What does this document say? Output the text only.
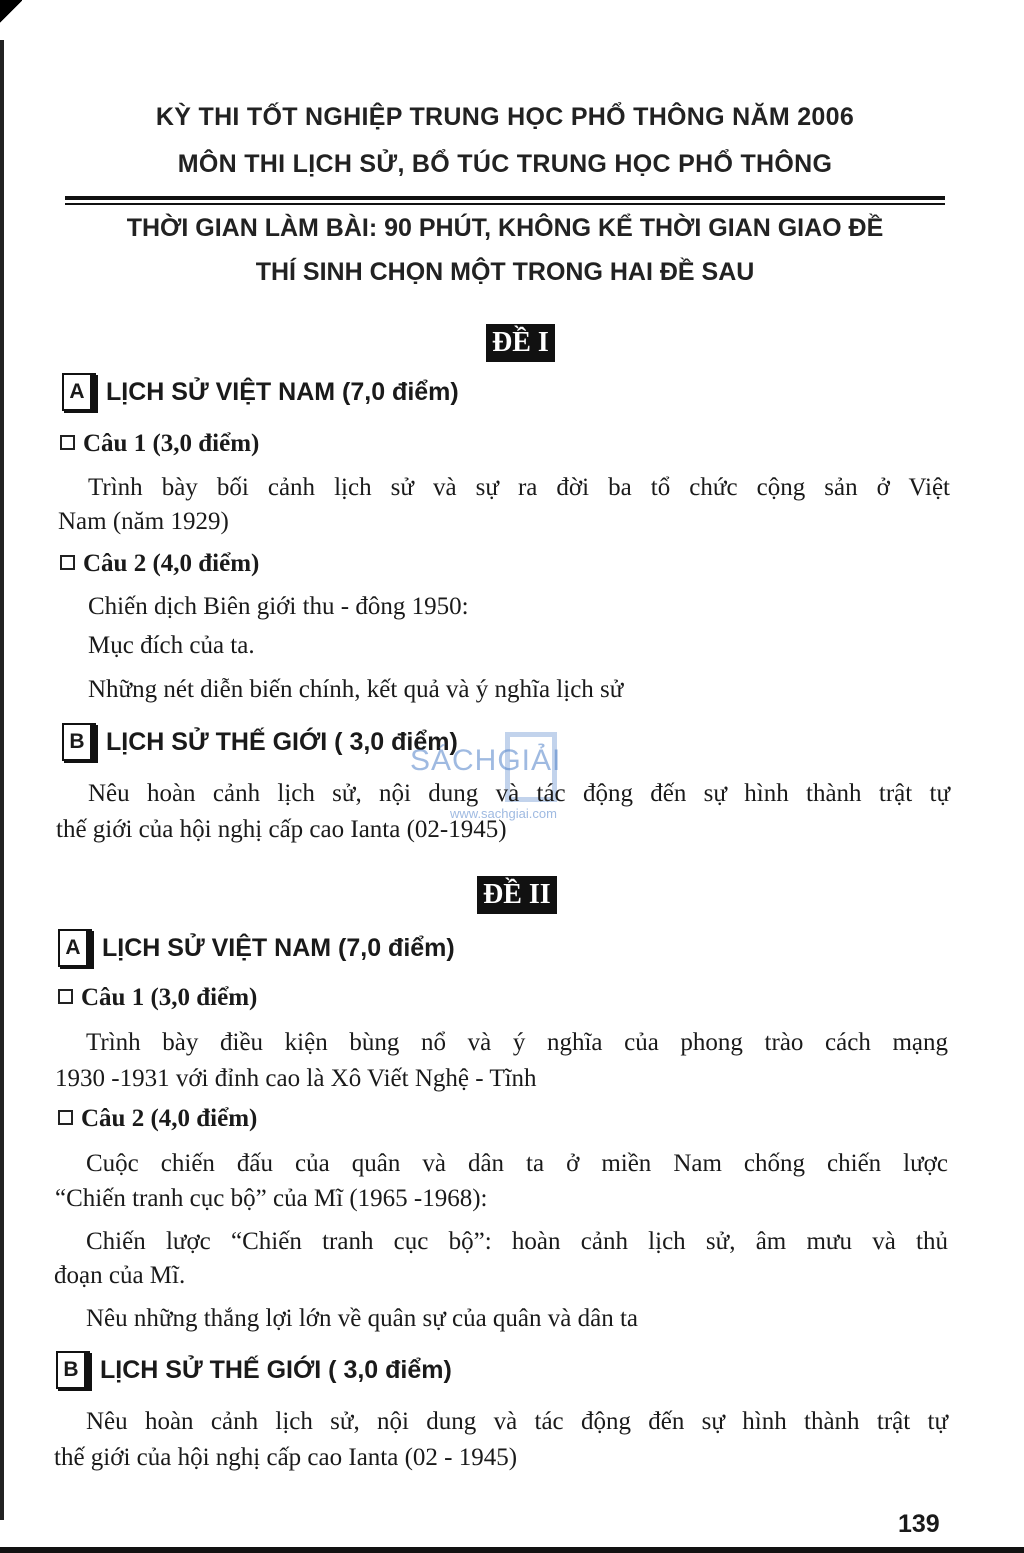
KỲ THI TỐT NGHIỆP TRUNG HỌC PHỔ THÔNG NĂM 2006
MÔN THI LỊCH SỬ, BỔ TÚC TRUNG HỌC PHỔ THÔNG
THỜI GIAN LÀM BÀI: 90 PHÚT, KHÔNG KỂ THỜI GIAN GIAO ĐỀ
THÍ SINH CHỌN MỘT TRONG HAI ĐỀ SAU
ĐỀ I
A LỊCH SỬ VIỆT NAM (7,0 điểm)
Câu 1 (3,0 điểm)
Trình bày bối cảnh lịch sử và sự ra đời ba tổ chức cộng sản ở Việt
Nam (năm 1929)
Câu 2 (4,0 điểm)
Chiến dịch Biên giới thu - đông 1950:
Mục đích của ta.
Những nét diễn biến chính, kết quả và ý nghĩa lịch sử
B LỊCH SỬ THẾ GIỚI ( 3,0 điểm)
SÁCHGIẢI
www.sachgiai.com
Nêu hoàn cảnh lịch sử, nội dung và tác động đến sự hình thành trật tự
thế giới của hội nghị cấp cao Ianta (02-1945)
ĐỀ II
A LỊCH SỬ VIỆT NAM (7,0 điểm)
Câu 1 (3,0 điểm)
Trình bày điều kiện bùng nổ và ý nghĩa của phong trào cách mạng
1930 -1931 với đỉnh cao là Xô Viết Nghệ - Tĩnh
Câu 2 (4,0 điểm)
Cuộc chiến đấu của quân và dân ta ở miền Nam chống chiến lược
“Chiến tranh cục bộ” của Mĩ (1965 -1968):
Chiến lược “Chiến tranh cục bộ”: hoàn cảnh lịch sử, âm mưu và thủ
đoạn của Mĩ.
Nêu những thắng lợi lớn về quân sự của quân và dân ta
B LỊCH SỬ THẾ GIỚI ( 3,0 điểm)
Nêu hoàn cảnh lịch sử, nội dung và tác động đến sự hình thành trật tự
thế giới của hội nghị cấp cao Ianta (02 - 1945)
139
